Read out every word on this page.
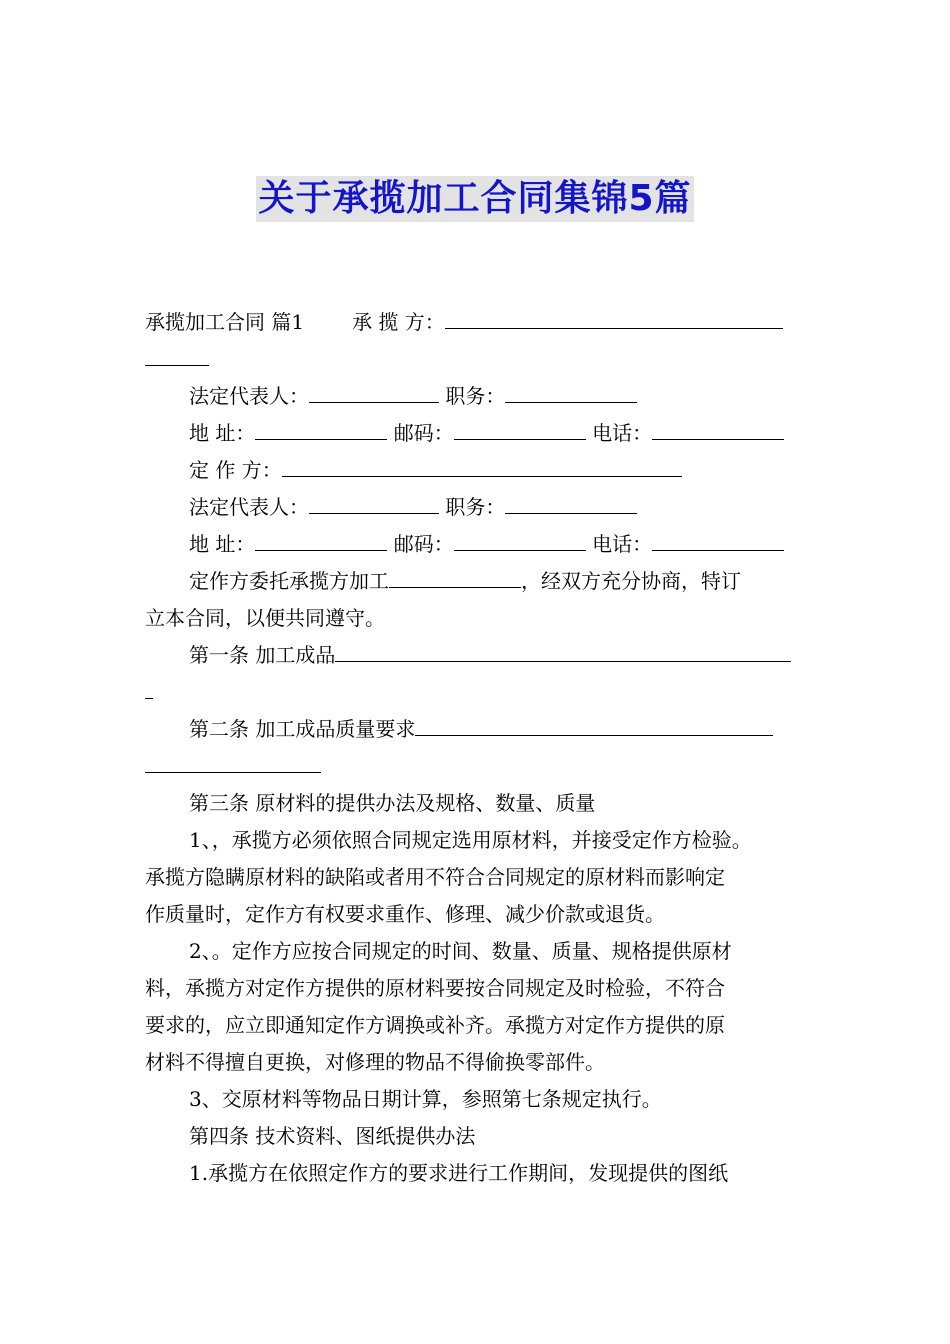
关于承揽加工合同集锦5篇
承揽加工合同 篇1 承 揽 方：
法定代表人：	职务：
地 址：	邮码：	电话：
定 作 方：
法定代表人：	职务：
地 址：	邮码：	电话：
定作方委托承揽方加工	，经双方充分协商，特订
立本合同，以便共同遵守。
第一条 加工成品
第二条 加工成品质量要求
第三条 原材料的提供办法及规格、数量、质量
1、，承揽方必须依照合同规定选用原材料，并接受定作方检验。
承揽方隐瞒原材料的缺陷或者用不符合合同规定的原材料而影响定
作质量时，定作方有权要求重作、修理、减少价款或退货。
2、。定作方应按合同规定的时间、数量、质量、规格提供原材
料，承揽方对定作方提供的原材料要按合同规定及时检验，不符合
要求的，应立即通知定作方调换或补齐。承揽方对定作方提供的原
材料不得擅自更换，对修理的物品不得偷换零部件。
3、交原材料等物品日期计算，参照第七条规定执行。
第四条 技术资料、图纸提供办法
1.承揽方在依照定作方的要求进行工作期间，发现提供的图纸
